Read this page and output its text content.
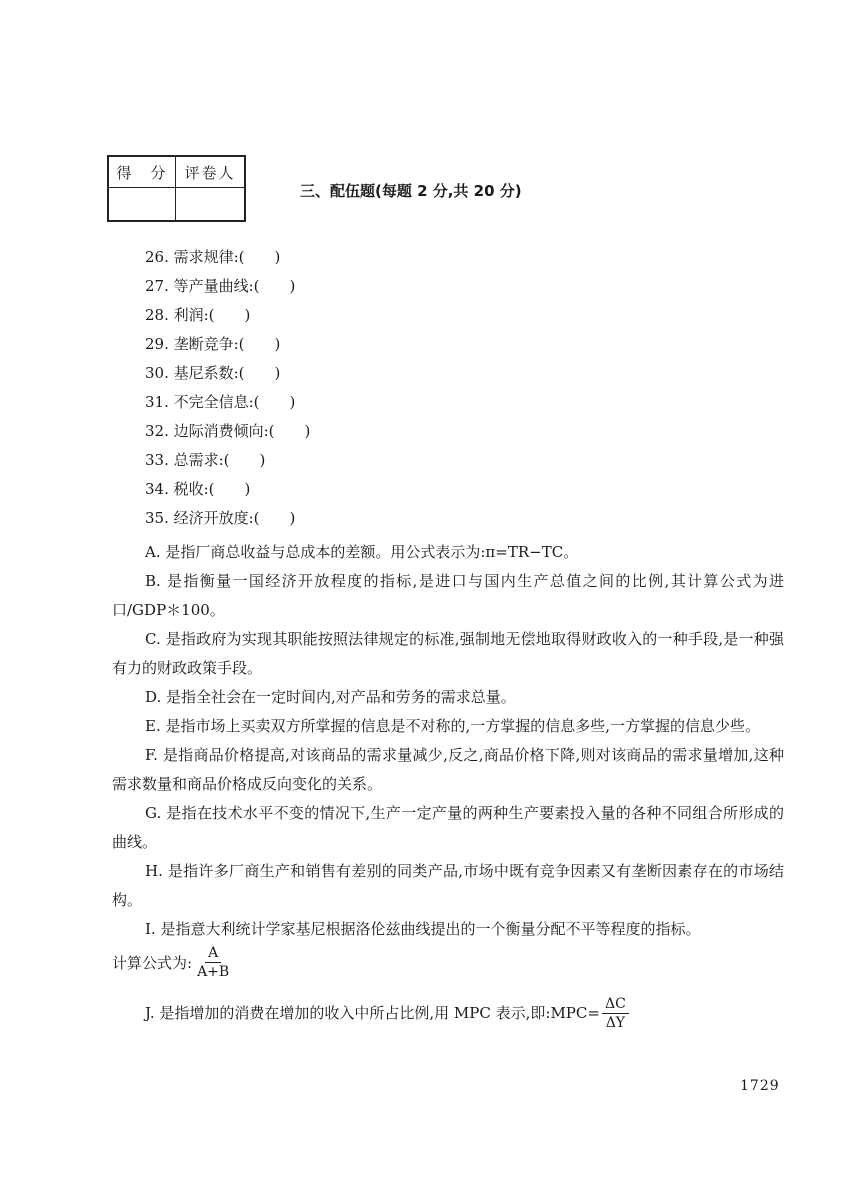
得　分	评卷人

三、配伍题(每题 2 分,共 20 分)
26. 需求规律:(　　)
27. 等产量曲线:(　　)
28. 利润:(　　)
29. 垄断竞争:(　　)
30. 基尼系数:(　　)
31. 不完全信息:(　　)
32. 边际消费倾向:(　　)
33. 总需求:(　　)
34. 税收:(　　)
35. 经济开放度:(　　)

A. 是指厂商总收益与总成本的差额。用公式表示为:π=TR−TC。

B. 是指衡量一国经济开放程度的指标,是进口与国内生产总值之间的比例,其计算公式为进口/GDP＊100。

C. 是指政府为实现其职能按照法律规定的标准,强制地无偿地取得财政收入的一种手段,是一种强有力的财政政策手段。

D. 是指全社会在一定时间内,对产品和劳务的需求总量。

E. 是指市场上买卖双方所掌握的信息是不对称的,一方掌握的信息多些,一方掌握的信息少些。

F. 是指商品价格提高,对该商品的需求量减少,反之,商品价格下降,则对该商品的需求量增加,这种需求数量和商品价格成反向变化的关系。

G. 是指在技术水平不变的情况下,生产一定产量的两种生产要素投入量的各种不同组合所形成的曲线。

H. 是指许多厂商生产和销售有差别的同类产品,市场中既有竞争因素又有垄断因素存在的市场结构。

I. 是指意大利统计学家基尼根据洛伦兹曲线提出的一个衡量分配不平等程度的指标。

计算公式为: $\frac{A}{A+B}$
J. 是指增加的消费在增加的收入中所占比例,用 MPC 表示,即:MPC= $\frac{\Delta C}{\Delta Y}$
1729
